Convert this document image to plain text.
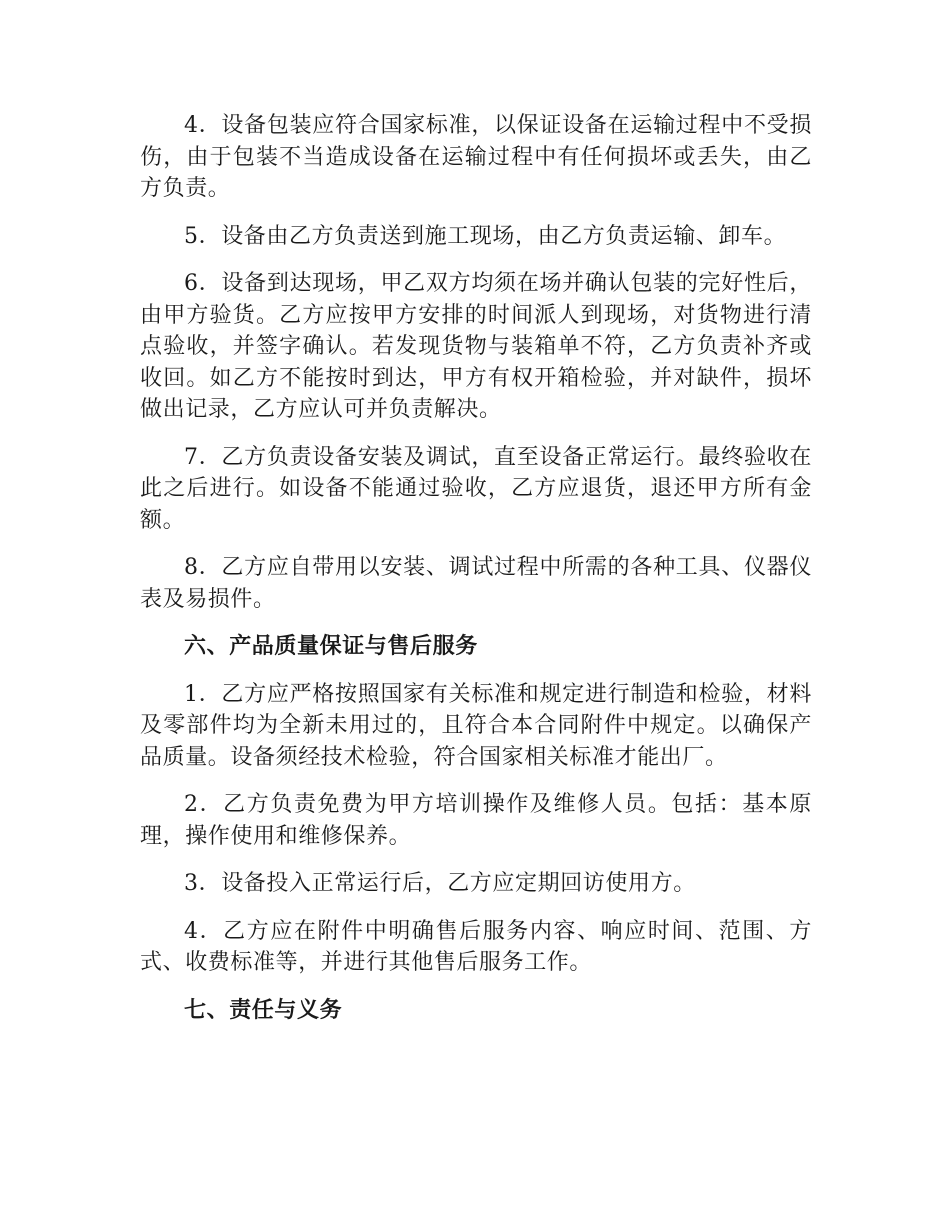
4．设备包装应符合国家标准，以保证设备在运输过程中不受损伤，由于包装不当造成设备在运输过程中有任何损坏或丢失，由乙方负责。

5．设备由乙方负责送到施工现场，由乙方负责运输、卸车。

6．设备到达现场，甲乙双方均须在场并确认包装的完好性后，由甲方验货。乙方应按甲方安排的时间派人到现场，对货物进行清点验收，并签字确认。若发现货物与装箱单不符，乙方负责补齐或收回。如乙方不能按时到达，甲方有权开箱检验，并对缺件，损坏做出记录，乙方应认可并负责解决。

7．乙方负责设备安装及调试，直至设备正常运行。最终验收在此之后进行。如设备不能通过验收，乙方应退货，退还甲方所有金额。

8．乙方应自带用以安装、调试过程中所需的各种工具、仪器仪表及易损件。

六、产品质量保证与售后服务

1．乙方应严格按照国家有关标准和规定进行制造和检验，材料及零部件均为全新未用过的，且符合本合同附件中规定。以确保产品质量。设备须经技术检验，符合国家相关标准才能出厂。

2．乙方负责免费为甲方培训操作及维修人员。包括：基本原理，操作使用和维修保养。

3．设备投入正常运行后，乙方应定期回访使用方。

4．乙方应在附件中明确售后服务内容、响应时间、范围、方式、收费标准等，并进行其他售后服务工作。

七、责任与义务
